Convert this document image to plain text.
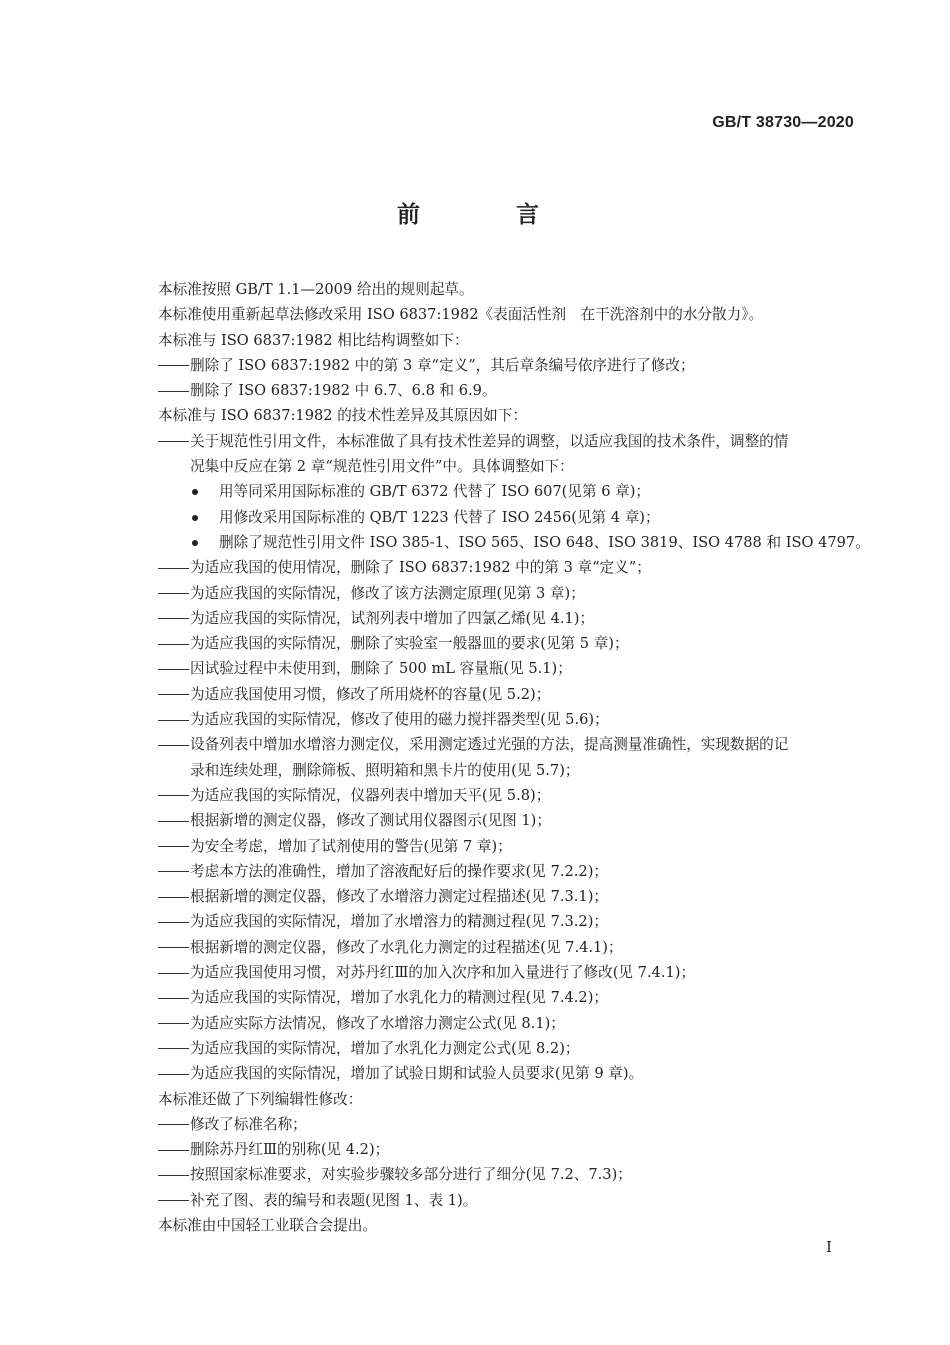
GB/T 38730—2020
前 言
本标准按照 GB/T 1.1—2009 给出的规则起草。
本标准使用重新起草法修改采用 ISO 6837:1982《表面活性剂　在干洗溶剂中的水分散力》。
本标准与 ISO 6837:1982 相比结构调整如下：
删除了 ISO 6837:1982 中的第 3 章“定义”，其后章条编号依序进行了修改；
删除了 ISO 6837:1982 中 6.7、6.8 和 6.9。
本标准与 ISO 6837:1982 的技术性差异及其原因如下：
关于规范性引用文件，本标准做了具有技术性差异的调整，以适应我国的技术条件，调整的情
况集中反应在第 2 章“规范性引用文件”中。具体调整如下：
用等同采用国际标准的 GB/T 6372 代替了 ISO 607(见第 6 章)；
用修改采用国际标准的 QB/T 1223 代替了 ISO 2456(见第 4 章)；
删除了规范性引用文件 ISO 385-1、ISO 565、ISO 648、ISO 3819、ISO 4788 和 ISO 4797。
为适应我国的使用情况，删除了 ISO 6837:1982 中的第 3 章“定义”；
为适应我国的实际情况，修改了该方法测定原理(见第 3 章)；
为适应我国的实际情况，试剂列表中增加了四氯乙烯(见 4.1)；
为适应我国的实际情况，删除了实验室一般器皿的要求(见第 5 章)；
因试验过程中未使用到，删除了 500 mL 容量瓶(见 5.1)；
为适应我国使用习惯，修改了所用烧杯的容量(见 5.2)；
为适应我国的实际情况，修改了使用的磁力搅拌器类型(见 5.6)；
设备列表中增加水增溶力测定仪，采用测定透过光强的方法，提高测量准确性，实现数据的记
录和连续处理，删除筛板、照明箱和黑卡片的使用(见 5.7)；
为适应我国的实际情况，仪器列表中增加天平(见 5.8)；
根据新增的测定仪器，修改了测试用仪器图示(见图 1)；
为安全考虑，增加了试剂使用的警告(见第 7 章)；
考虑本方法的准确性，增加了溶液配好后的操作要求(见 7.2.2)；
根据新增的测定仪器，修改了水增溶力测定过程描述(见 7.3.1)；
为适应我国的实际情况，增加了水增溶力的精测过程(见 7.3.2)；
根据新增的测定仪器，修改了水乳化力测定的过程描述(见 7.4.1)；
为适应我国使用习惯，对苏丹红Ⅲ的加入次序和加入量进行了修改(见 7.4.1)；
为适应我国的实际情况，增加了水乳化力的精测过程(见 7.4.2)；
为适应实际方法情况，修改了水增溶力测定公式(见 8.1)；
为适应我国的实际情况，增加了水乳化力测定公式(见 8.2)；
为适应我国的实际情况，增加了试验日期和试验人员要求(见第 9 章)。
本标准还做了下列编辑性修改：
修改了标准名称；
删除苏丹红Ⅲ的别称(见 4.2)；
按照国家标准要求，对实验步骤较多部分进行了细分(见 7.2、7.3)；
补充了图、表的编号和表题(见图 1、表 1)。
本标准由中国轻工业联合会提出。
I
